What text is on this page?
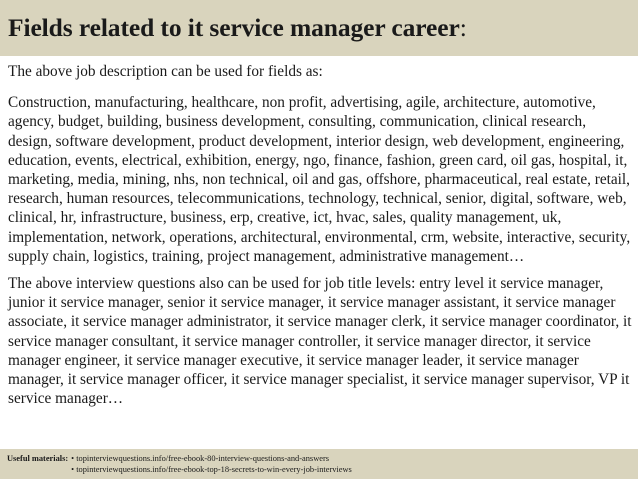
Fields related to it service manager career:

The above job description can be used for fields as:

Construction, manufacturing, healthcare, non profit, advertising, agile, architecture, automotive, agency, budget, building, business development, consulting, communication, clinical research, design, software development, product development, interior design, web development, engineering, education, events, electrical, exhibition, energy, ngo, finance, fashion, green card, oil gas, hospital, it, marketing, media, mining, nhs, non technical, oil and gas, offshore, pharmaceutical, real estate, retail, research, human resources, telecommunications, technology, technical, senior, digital, software, web, clinical, hr, infrastructure, business, erp, creative, ict, hvac, sales, quality management, uk, implementation, network, operations, architectural, environmental, crm, website, interactive, security, supply chain, logistics, training, project management, administrative management…

The above interview questions also can be used for job title levels: entry level it service manager, junior it service manager, senior it service manager, it service manager assistant, it service manager associate, it service manager administrator, it service manager clerk, it service manager coordinator, it service manager consultant, it service manager controller, it service manager director, it service manager engineer, it service manager executive, it service manager leader, it service manager manager, it service manager officer, it service manager specialist, it service manager supervisor, VP it service manager…

Useful materials: • topinterviewquestions.info/free-ebook-80-interview-questions-and-answers
• topinterviewquestions.info/free-ebook-top-18-secrets-to-win-every-job-interviews
